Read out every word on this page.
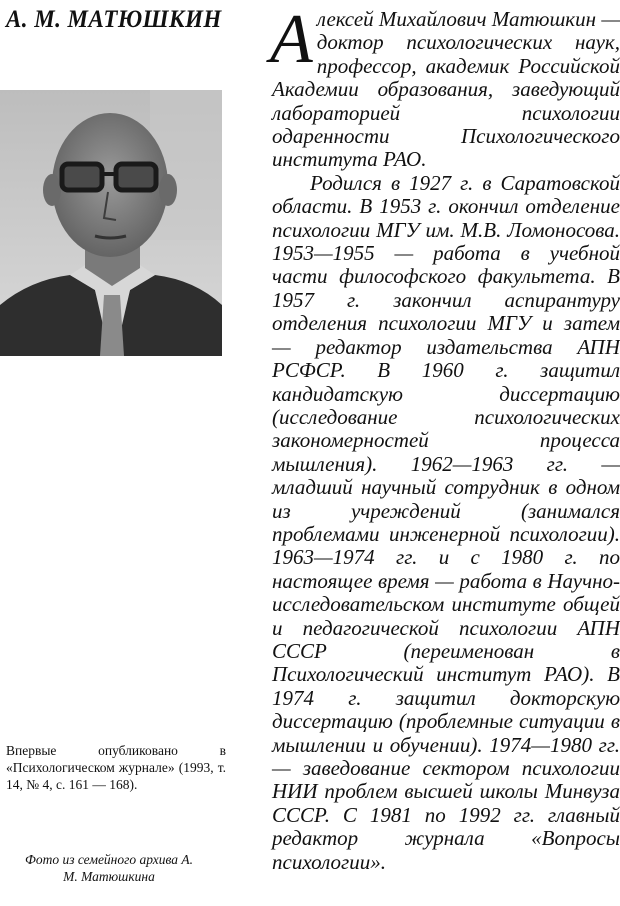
А. М. МАТЮШКИН
Впервые опубликовано в «Психологическом журнале» (1993, т. 14, № 4, с. 161 — 168).
Фото из семейного архива А. М. Матюшкина

Алексей Михайлович Матюшкин — доктор психологических наук, профессор, академик Российской Академии образования, заведующий лабораторией психологии одаренности Психологического института РАО.

Родился в 1927 г. в Саратовской области. В 1953 г. окончил отделение психологии МГУ им. М.В. Ломоносова. 1953—1955 — работа в учебной части философского факультета. В 1957 г. закончил аспирантуру отделения психологии МГУ и затем — редактор издательства АПН РСФСР. В 1960 г. защитил кандидатскую диссертацию (исследование психологических закономерностей процесса мышления). 1962—1963 гг. — младший научный сотрудник в одном из учреждений (занимался проблемами инженерной психологии). 1963—1974 гг. и с 1980 г. по настоящее время — работа в Научно-исследовательском институте общей и педагогической психологии АПН СССР (переименован в Психологический институт РАО). В 1974 г. защитил докторскую диссертацию (проблемные ситуации в мышлении и обучении). 1974—1980 гг. — заведование сектором психологии НИИ проблем высшей школы Минвуза СССР. С 1981 по 1992 гг. главный редактор журнала «Вопросы психологии».
